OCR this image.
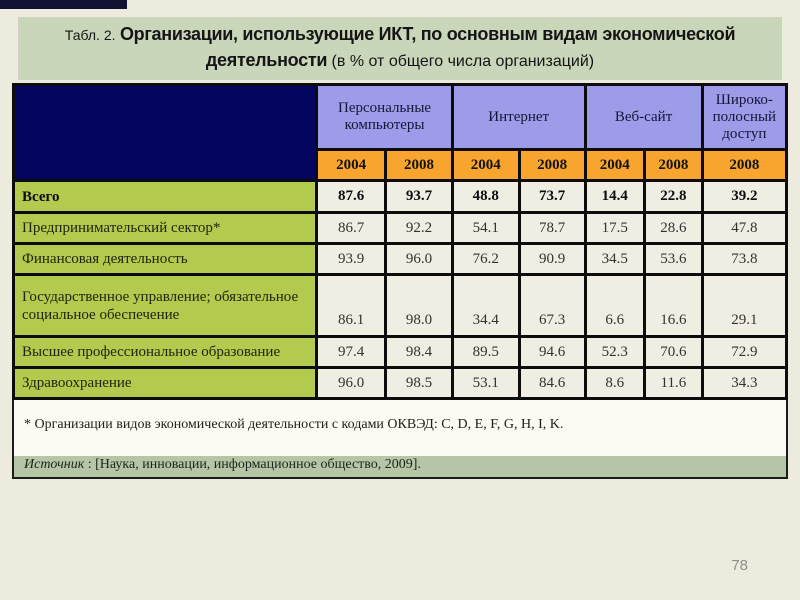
Табл. 2. Организации, использующие ИКТ, по основным видам экономической
деятельности (в % от общего числа организаций)
	Персональные компьютеры		Интернет		Веб-сайт		Широко-полосный доступ
	2004	2008	2004	2008	2004	2008	2008
Всего	87.6	93.7	48.8	73.7	14.4	22.8	39.2
Предпринимательский сектор*	86.7	92.2	54.1	78.7	17.5	28.6	47.8
Финансовая деятельность	93.9	96.0	76.2	90.9	34.5	53.6	73.8
Государственное управление; обязательное социальное обеспечение	86.1	98.0	34.4	67.3	6.6	16.6	29.1
Высшее профессиональное образование	97.4	98.4	89.5	94.6	52.3	70.6	72.9
Здравоохранение	96.0	98.5	53.1	84.6	8.6	11.6	34.3
* Организации видов экономической деятельности с кодами ОКВЭД: C, D, E, F, G, H, I, K.
Источник : [Наука, инновации, информационное общество, 2009].
78
